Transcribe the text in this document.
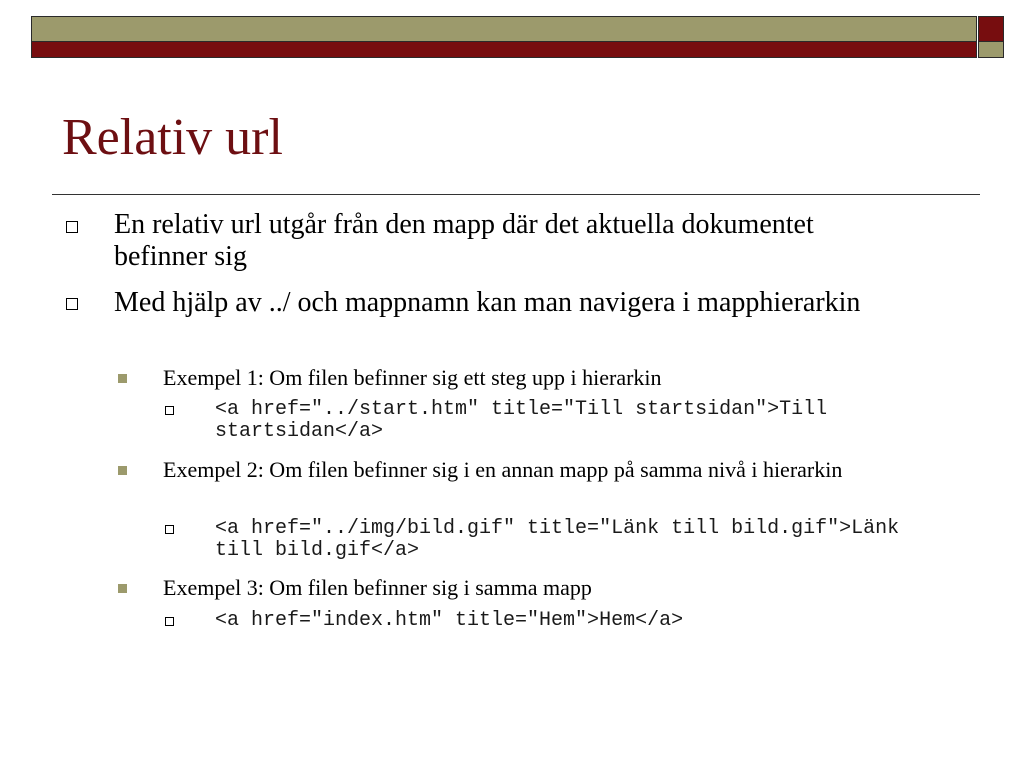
Relativ url
En relativ url utgår från den mapp där det aktuella dokumentet befinner sig
Med hjälp av ../ och mappnamn kan man navigera i mapphierarkin
Exempel 1: Om filen befinner sig ett steg upp i hierarkin
<a href="../start.htm" title="Till startsidan">Till startsidan</a>
Exempel 2: Om filen befinner sig i en annan mapp på samma nivå i hierarkin
<a href="../img/bild.gif" title="Länk till bild.gif">Länk till bild.gif</a>
Exempel 3: Om filen befinner sig i samma mapp
<a href="index.htm" title="Hem">Hem</a>
